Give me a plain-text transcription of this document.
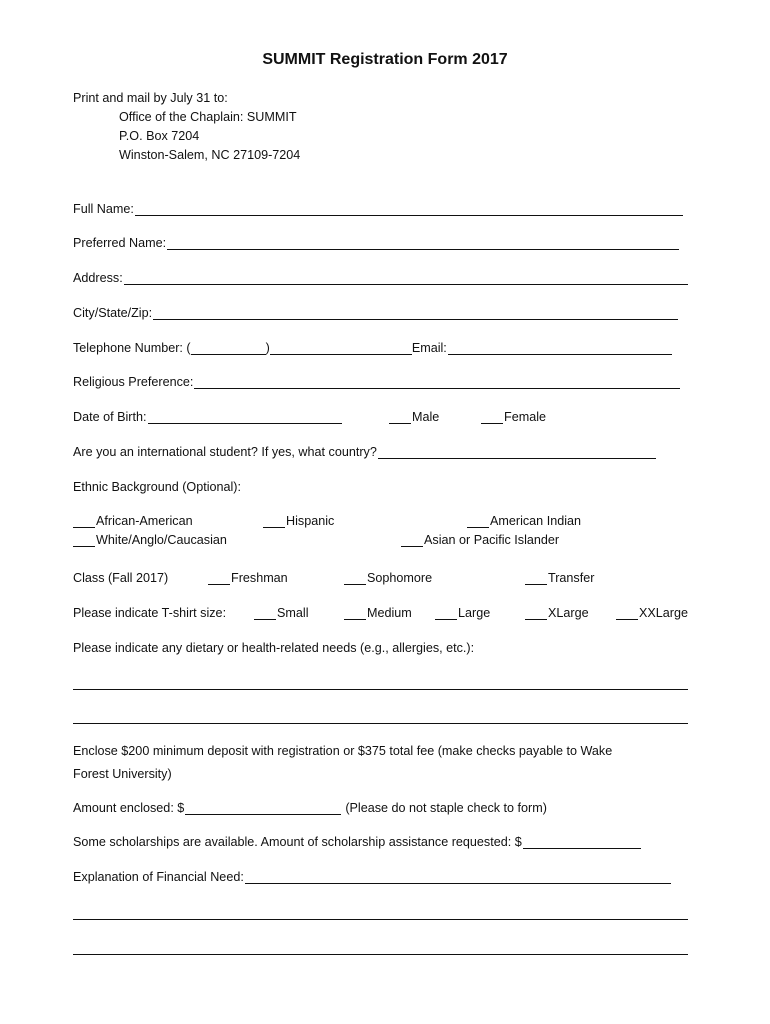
SUMMIT Registration Form 2017
Print and mail by July 31 to:
Office of the Chaplain: SUMMIT
P.O. Box 7204
Winston-Salem, NC 27109-7204
Full Name:
Preferred Name:
Address:
City/State/Zip:
Telephone Number: (	)	Email:
Religious Preference:
Date of Birth:	Male	Female
Are you an international student? If yes, what country?
Ethnic Background (Optional):
African-American	Hispanic	American Indian
White/Anglo/Caucasian	Asian or Pacific Islander
Class (Fall 2017)	Freshman	Sophomore	Transfer
Please indicate T-shirt size:	Small	Medium	Large	XLarge	XXLarge
Please indicate any dietary or health-related needs (e.g., allergies, etc.):
Enclose $200 minimum deposit with registration or $375 total fee (make checks payable to Wake
Forest University)
Amount enclosed: $	(Please do not staple check to form)
Some scholarships are available. Amount of scholarship assistance requested: $
Explanation of Financial Need:
